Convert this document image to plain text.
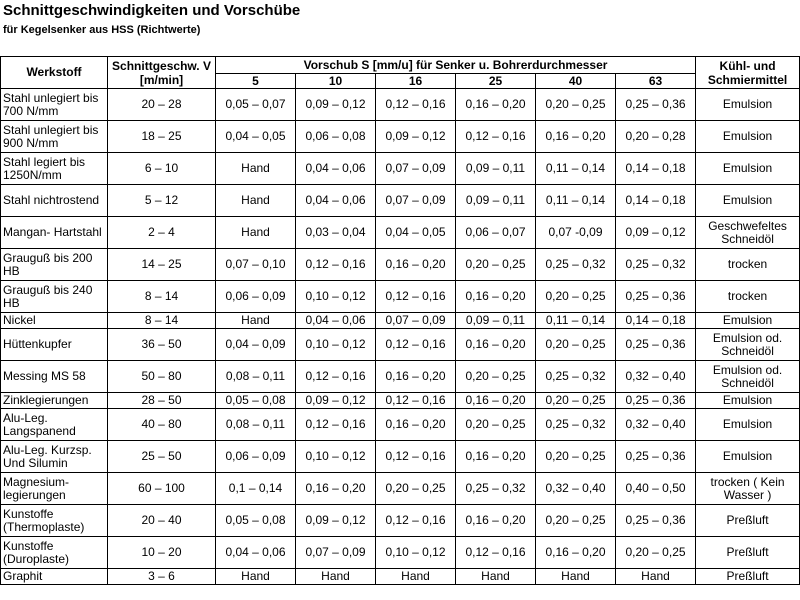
Schnittgeschwindigkeiten und Vorschübe
für Kegelsenker aus HSS (Richtwerte)
Werkstoff	Schnittgeschw. V [m/min]	Vorschub S [mm/u] für Senker u. Bohrerdurchmesser						Kühl- und Schmiermittel
		5	10	16	25	40	63	
Stahl unlegiert bis 700 N/mm	20 – 28	0,05 – 0,07	0,09 – 0,12	0,12 – 0,16	0,16 – 0,20	0,20 – 0,25	0,25 – 0,36	Emulsion
Stahl unlegiert bis 900 N/mm	18 – 25	0,04 – 0,05	0,06 – 0,08	0,09 – 0,12	0,12 – 0,16	0,16 – 0,20	0,20 – 0,28	Emulsion
Stahl legiert bis 1250N/mm	6 – 10	Hand	0,04 – 0,06	0,07 – 0,09	0,09 – 0,11	0,11 – 0,14	0,14 – 0,18	Emulsion
Stahl nichtrostend	5 – 12	Hand	0,04 – 0,06	0,07 – 0,09	0,09 – 0,11	0,11 – 0,14	0,14 – 0,18	Emulsion
Mangan- Hartstahl	2 – 4	Hand	0,03 – 0,04	0,04 – 0,05	0,06 – 0,07	0,07 -0,09	0,09 – 0,12	Geschwefeltes Schneidöl
Grauguß bis 200 HB	14 – 25	0,07 – 0,10	0,12 – 0,16	0,16 – 0,20	0,20 – 0,25	0,25 – 0,32	0,25 – 0,32	trocken
Grauguß bis 240 HB	8 – 14	0,06 – 0,09	0,10 – 0,12	0,12 – 0,16	0,16 – 0,20	0,20 – 0,25	0,25 – 0,36	trocken
Nickel	8 – 14	Hand	0,04 – 0,06	0,07 – 0,09	0,09 – 0,11	0,11 – 0,14	0,14 – 0,18	Emulsion
Hüttenkupfer	36 – 50	0,04 – 0,09	0,10 – 0,12	0,12 – 0,16	0,16 – 0,20	0,20 – 0,25	0,25 – 0,36	Emulsion od. Schneidöl
Messing MS 58	50 – 80	0,08 – 0,11	0,12 – 0,16	0,16 – 0,20	0,20 – 0,25	0,25 – 0,32	0,32 – 0,40	Emulsion od. Schneidöl
Zinklegierungen	28 – 50	0,05 – 0,08	0,09 – 0,12	0,12 – 0,16	0,16 – 0,20	0,20 – 0,25	0,25 – 0,36	Emulsion
Alu-Leg. Langspanend	40 – 80	0,08 – 0,11	0,12 – 0,16	0,16 – 0,20	0,20 – 0,25	0,25 – 0,32	0,32 – 0,40	Emulsion
Alu-Leg. Kurzsp. Und Silumin	25 – 50	0,06 – 0,09	0,10 – 0,12	0,12 – 0,16	0,16 – 0,20	0,20 – 0,25	0,25 – 0,36	Emulsion
Magnesium- legierungen	60 – 100	0,1 – 0,14	0,16 – 0,20	0,20 – 0,25	0,25 – 0,32	0,32 – 0,40	0,40 – 0,50	trocken ( Kein Wasser )
Kunstoffe (Thermoplaste)	20 – 40	0,05 – 0,08	0,09 – 0,12	0,12 – 0,16	0,16 – 0,20	0,20 – 0,25	0,25 – 0,36	Preßluft
Kunstoffe (Duroplaste)	10 – 20	0,04 – 0,06	0,07 – 0,09	0,10 – 0,12	0,12 – 0,16	0,16 – 0,20	0,20 – 0,25	Preßluft
Graphit	3 – 6	Hand	Hand	Hand	Hand	Hand	Hand	Preßluft
